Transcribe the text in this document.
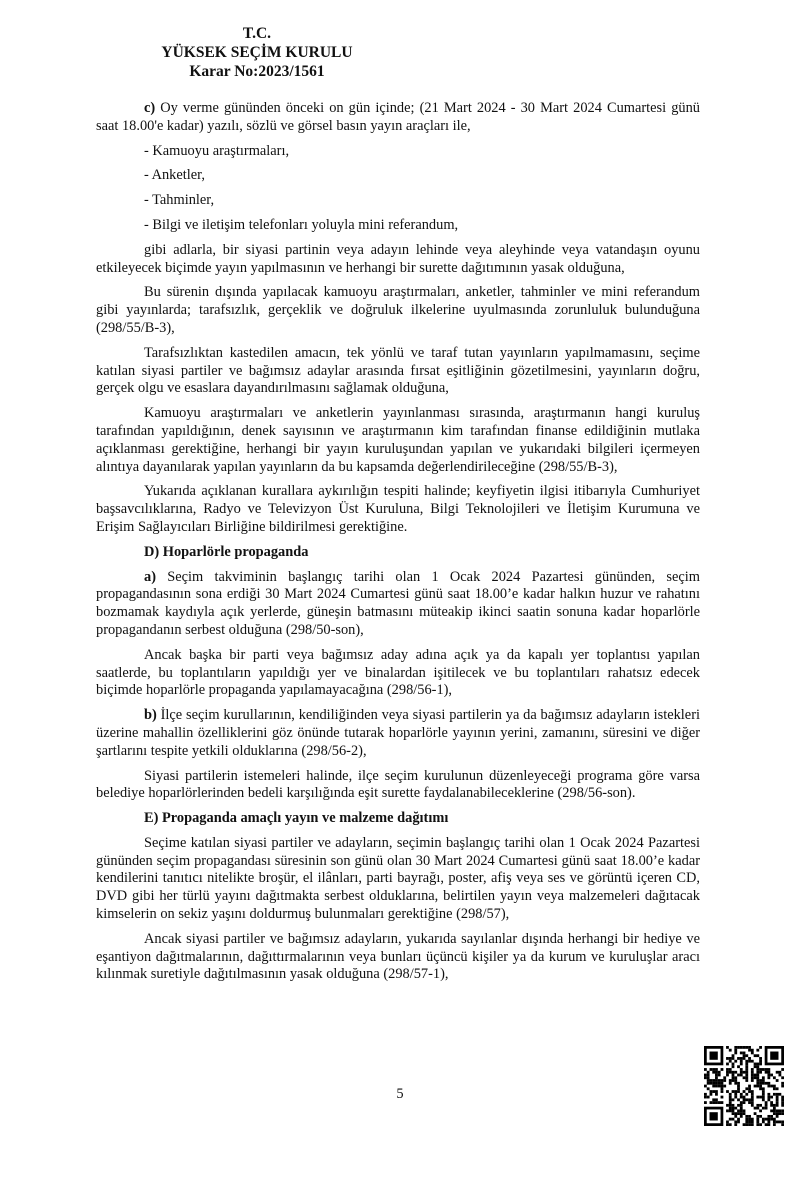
T.C.
YÜKSEK SEÇİM KURULU
Karar No:2023/1561

c) Oy verme gününden önceki on gün içinde; (21 Mart 2024 - 30 Mart 2024 Cumartesi günü saat 18.00'e kadar) yazılı, sözlü ve görsel basın yayın araçları ile,

- Kamuoyu araştırmaları,

- Anketler,

- Tahminler,

- Bilgi ve iletişim telefonları yoluyla mini referandum,

gibi adlarla, bir siyasi partinin veya adayın lehinde veya aleyhinde veya vatandaşın oyunu etkileyecek biçimde yayın yapılmasının ve herhangi bir surette dağıtımının yasak olduğuna,

Bu sürenin dışında yapılacak kamuoyu araştırmaları, anketler, tahminler ve mini referandum gibi yayınlarda; tarafsızlık, gerçeklik ve doğruluk ilkelerine uyulmasında zorunluluk bulunduğuna (298/55/B-3),

Tarafsızlıktan kastedilen amacın, tek yönlü ve taraf tutan yayınların yapılmamasını, seçime katılan siyasi partiler ve bağımsız adaylar arasında fırsat eşitliğinin gözetilmesini, yayınların doğru, gerçek olgu ve esaslara dayandırılmasını sağlamak olduğuna,

Kamuoyu araştırmaları ve anketlerin yayınlanması sırasında, araştırmanın hangi kuruluş tarafından yapıldığının, denek sayısının ve araştırmanın kim tarafından finanse edildiğinin mutlaka açıklanması gerektiğine, herhangi bir yayın kuruluşundan yapılan ve yukarıdaki bilgileri içermeyen alıntıya dayanılarak yapılan yayınların da bu kapsamda değerlendirileceğine (298/55/B-3),

Yukarıda açıklanan kurallara aykırılığın tespiti halinde; keyfiyetin ilgisi itibarıyla Cumhuriyet başsavcılıklarına, Radyo ve Televizyon Üst Kuruluna, Bilgi Teknolojileri ve İletişim Kurumuna ve Erişim Sağlayıcıları Birliğine bildirilmesi gerektiğine.

D) Hoparlörle propaganda

a) Seçim takviminin başlangıç tarihi olan 1 Ocak 2024 Pazartesi gününden, seçim propagandasının sona erdiği 30 Mart 2024 Cumartesi günü saat 18.00’e kadar halkın huzur ve rahatını bozmamak kaydıyla açık yerlerde, güneşin batmasını müteakip ikinci saatin sonuna kadar hoparlörle propagandanın serbest olduğuna (298/50-son),

Ancak başka bir parti veya bağımsız aday adına açık ya da kapalı yer toplantısı yapılan saatlerde, bu toplantıların yapıldığı yer ve binalardan işitilecek ve bu toplantıları rahatsız edecek biçimde hoparlörle propaganda yapılamayacağına (298/56-1),

b) İlçe seçim kurullarının, kendiliğinden veya siyasi partilerin ya da bağımsız adayların istekleri üzerine mahallin özelliklerini göz önünde tutarak hoparlörle yayının yerini, zamanını, süresini ve diğer şartlarını tespite yetkili olduklarına (298/56-2),

Siyasi partilerin istemeleri halinde, ilçe seçim kurulunun düzenleyeceği programa göre varsa belediye hoparlörlerinden bedeli karşılığında eşit surette faydalanabileceklerine (298/56-son).

E) Propaganda amaçlı yayın ve malzeme dağıtımı

Seçime katılan siyasi partiler ve adayların, seçimin başlangıç tarihi olan 1 Ocak 2024 Pazartesi gününden seçim propagandası süresinin son günü olan 30 Mart 2024 Cumartesi günü saat 18.00’e kadar kendilerini tanıtıcı nitelikte broşür, el ilânları, parti bayrağı, poster, afiş veya ses ve görüntü içeren CD, DVD gibi her türlü yayını dağıtmakta serbest olduklarına, belirtilen yayın veya malzemeleri dağıtacak kimselerin on sekiz yaşını doldurmuş bulunmaları gerektiğine (298/57),

Ancak siyasi partiler ve bağımsız adayların, yukarıda sayılanlar dışında herhangi bir hediye ve eşantiyon dağıtmalarının, dağıttırmalarının veya bunları üçüncü kişiler ya da kurum ve kuruluşlar aracı kılınmak suretiyle dağıtılmasının yasak olduğuna (298/57-1),

5
